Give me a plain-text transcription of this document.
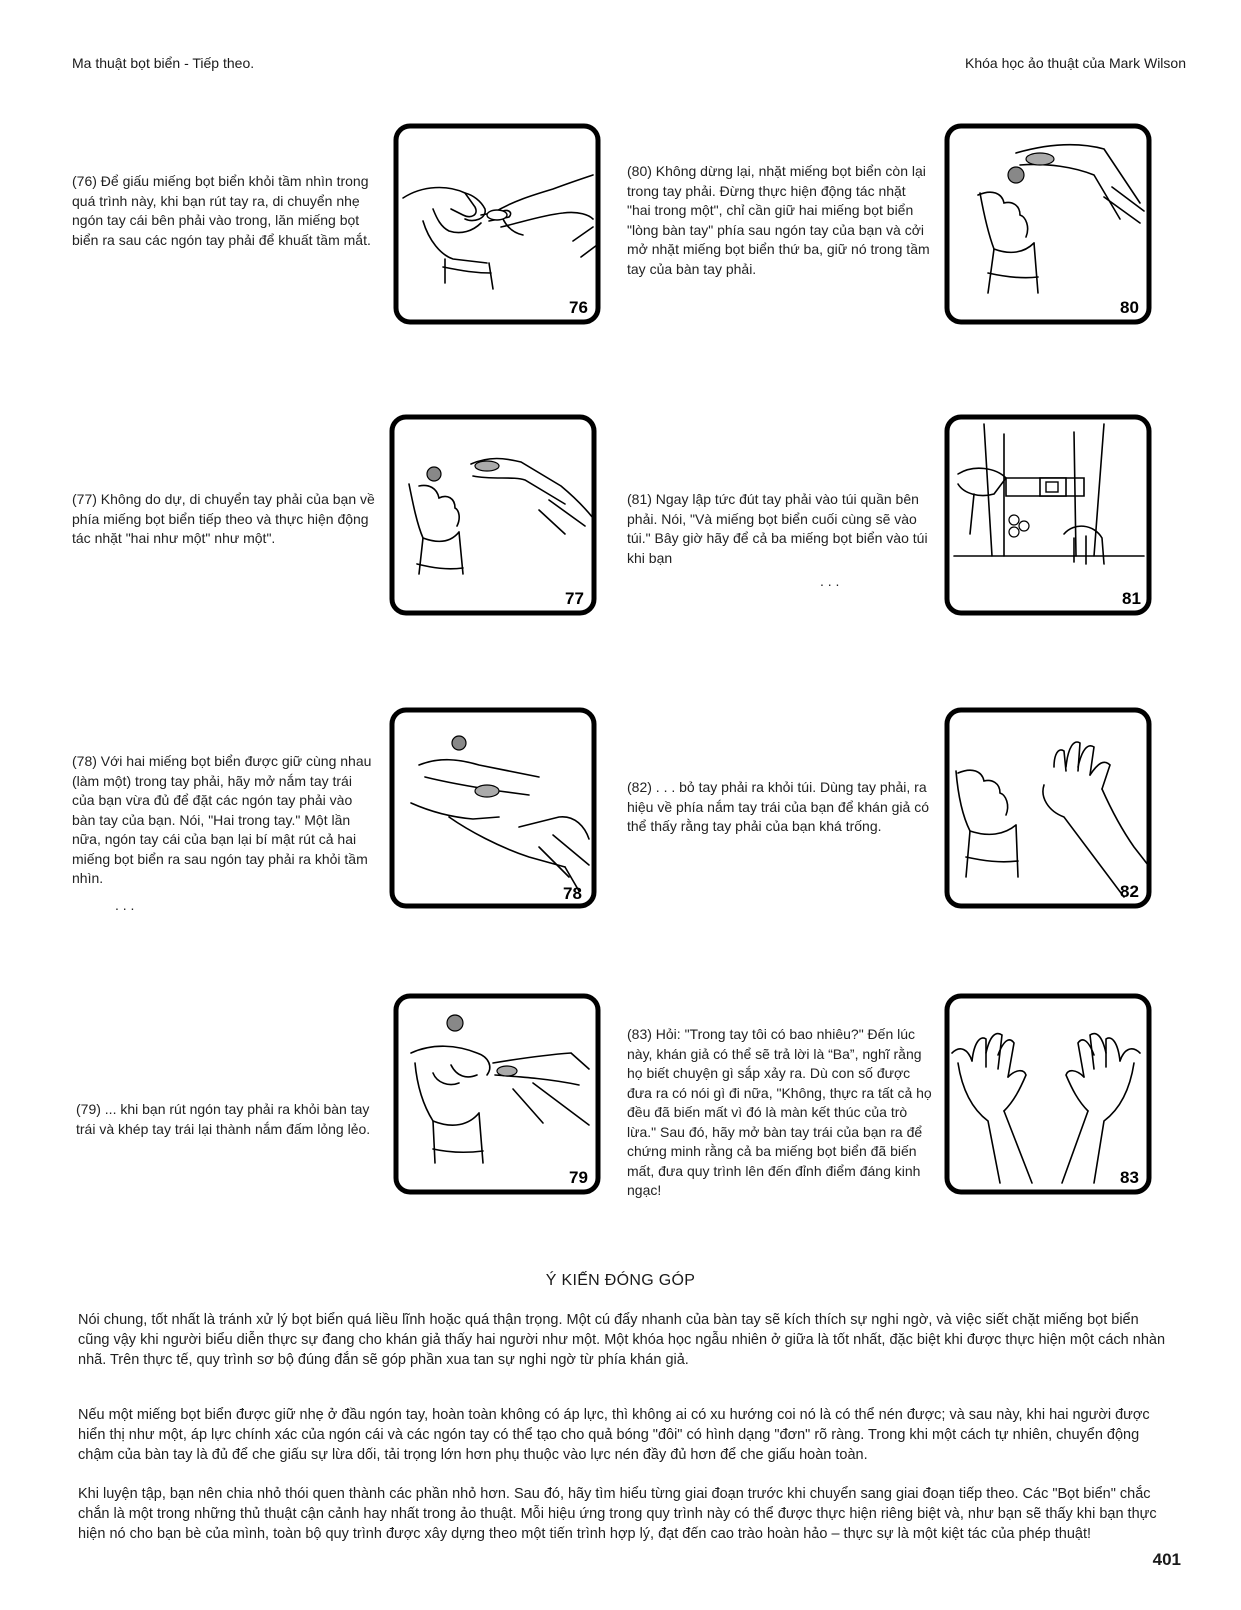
Ma thuật bọt biển - Tiếp theo.	Khóa học ảo thuật của Mark Wilson
(76) Để giấu miếng bọt biển khỏi tầm nhìn trong quá trình này, khi bạn rút tay ra, di chuyển nhẹ ngón tay cái bên phải vào trong, lăn miếng bọt biển ra sau các ngón tay phải để khuất tầm mắt.
(77) Không do dự, di chuyển tay phải của bạn về phía miếng bọt biển tiếp theo và thực hiện động tác nhặt "hai như một" như một".
(78) Với hai miếng bọt biển được giữ cùng nhau (làm một) trong tay phải, hãy mở nắm tay trái của bạn vừa đủ để đặt các ngón tay phải vào bàn tay của bạn. Nói, "Hai trong tay." Một lần nữa, ngón tay cái của bạn lại bí mật rút cả hai miếng bọt biển ra sau ngón tay phải ra khỏi tầm nhìn.
. . .
(79) ... khi bạn rút ngón tay phải ra khỏi bàn tay trái và khép tay trái lại thành nắm đấm lỏng lẻo.
(80) Không dừng lại, nhặt miếng bọt biển còn lại trong tay phải. Đừng thực hiện động tác nhặt "hai trong một", chỉ cần giữ hai miếng bọt biển "lòng bàn tay" phía sau ngón tay của bạn và cởi mở nhặt miếng bọt biển thứ ba, giữ nó trong tầm tay của bàn tay phải.
(81) Ngay lập tức đút tay phải vào túi quần bên phải. Nói, "Và miếng bọt biển cuối cùng sẽ vào túi." Bây giờ hãy để cả ba miếng bọt biển vào túi khi bạn
. . .
(82) . . . bỏ tay phải ra khỏi túi. Dùng tay phải, ra hiệu về phía nắm tay trái của bạn để khán giả có thể thấy rằng tay phải của bạn khá trống.
(83) Hỏi: "Trong tay tôi có bao nhiêu?" Đến lúc này, khán giả có thể sẽ trả lời là “Ba”, nghĩ rằng họ biết chuyện gì sắp xảy ra. Dù con số được đưa ra có nói gì đi nữa, "Không, thực ra tất cả họ đều đã biến mất vì đó là màn kết thúc của trò lừa." Sau đó, hãy mở bàn tay trái của bạn ra để chứng minh rằng cả ba miếng bọt biển đã biến mất, đưa quy trình lên đến đỉnh điểm đáng kinh ngạc!
76
77
78
79
80
81
82
83
Ý KIẾN ĐÓNG GÓP
Nói chung, tốt nhất là tránh xử lý bọt biển quá liều lĩnh hoặc quá thận trọng. Một cú đẩy nhanh của bàn tay sẽ kích thích sự nghi ngờ, và việc siết chặt miếng bọt biển cũng vậy khi người biểu diễn thực sự đang cho khán giả thấy hai người như một. Một khóa học ngẫu nhiên ở giữa là tốt nhất, đặc biệt khi được thực hiện một cách nhàn nhã. Trên thực tế, quy trình sơ bộ đúng đắn sẽ góp phần xua tan sự nghi ngờ từ phía khán giả.
Nếu một miếng bọt biển được giữ nhẹ ở đầu ngón tay, hoàn toàn không có áp lực, thì không ai có xu hướng coi nó là có thể nén được; và sau này, khi hai người được hiển thị như một, áp lực chính xác của ngón cái và các ngón tay có thể tạo cho quả bóng "đôi" có hình dạng "đơn" rõ ràng. Trong khi một cách tự nhiên, chuyển động chậm của bàn tay là đủ để che giấu sự lừa dối, tải trọng lớn hơn phụ thuộc vào lực nén đầy đủ hơn để che giấu hoàn toàn.
Khi luyện tập, bạn nên chia nhỏ thói quen thành các phần nhỏ hơn. Sau đó, hãy tìm hiểu từng giai đoạn trước khi chuyển sang giai đoạn tiếp theo. Các "Bọt biển" chắc chắn là một trong những thủ thuật cận cảnh hay nhất trong ảo thuật. Mỗi hiệu ứng trong quy trình này có thể được thực hiện riêng biệt và, như bạn sẽ thấy khi bạn thực hiện nó cho bạn bè của mình, toàn bộ quy trình được xây dựng theo một tiến trình hợp lý, đạt đến cao trào hoàn hảo – thực sự là một kiệt tác của phép thuật!
401
